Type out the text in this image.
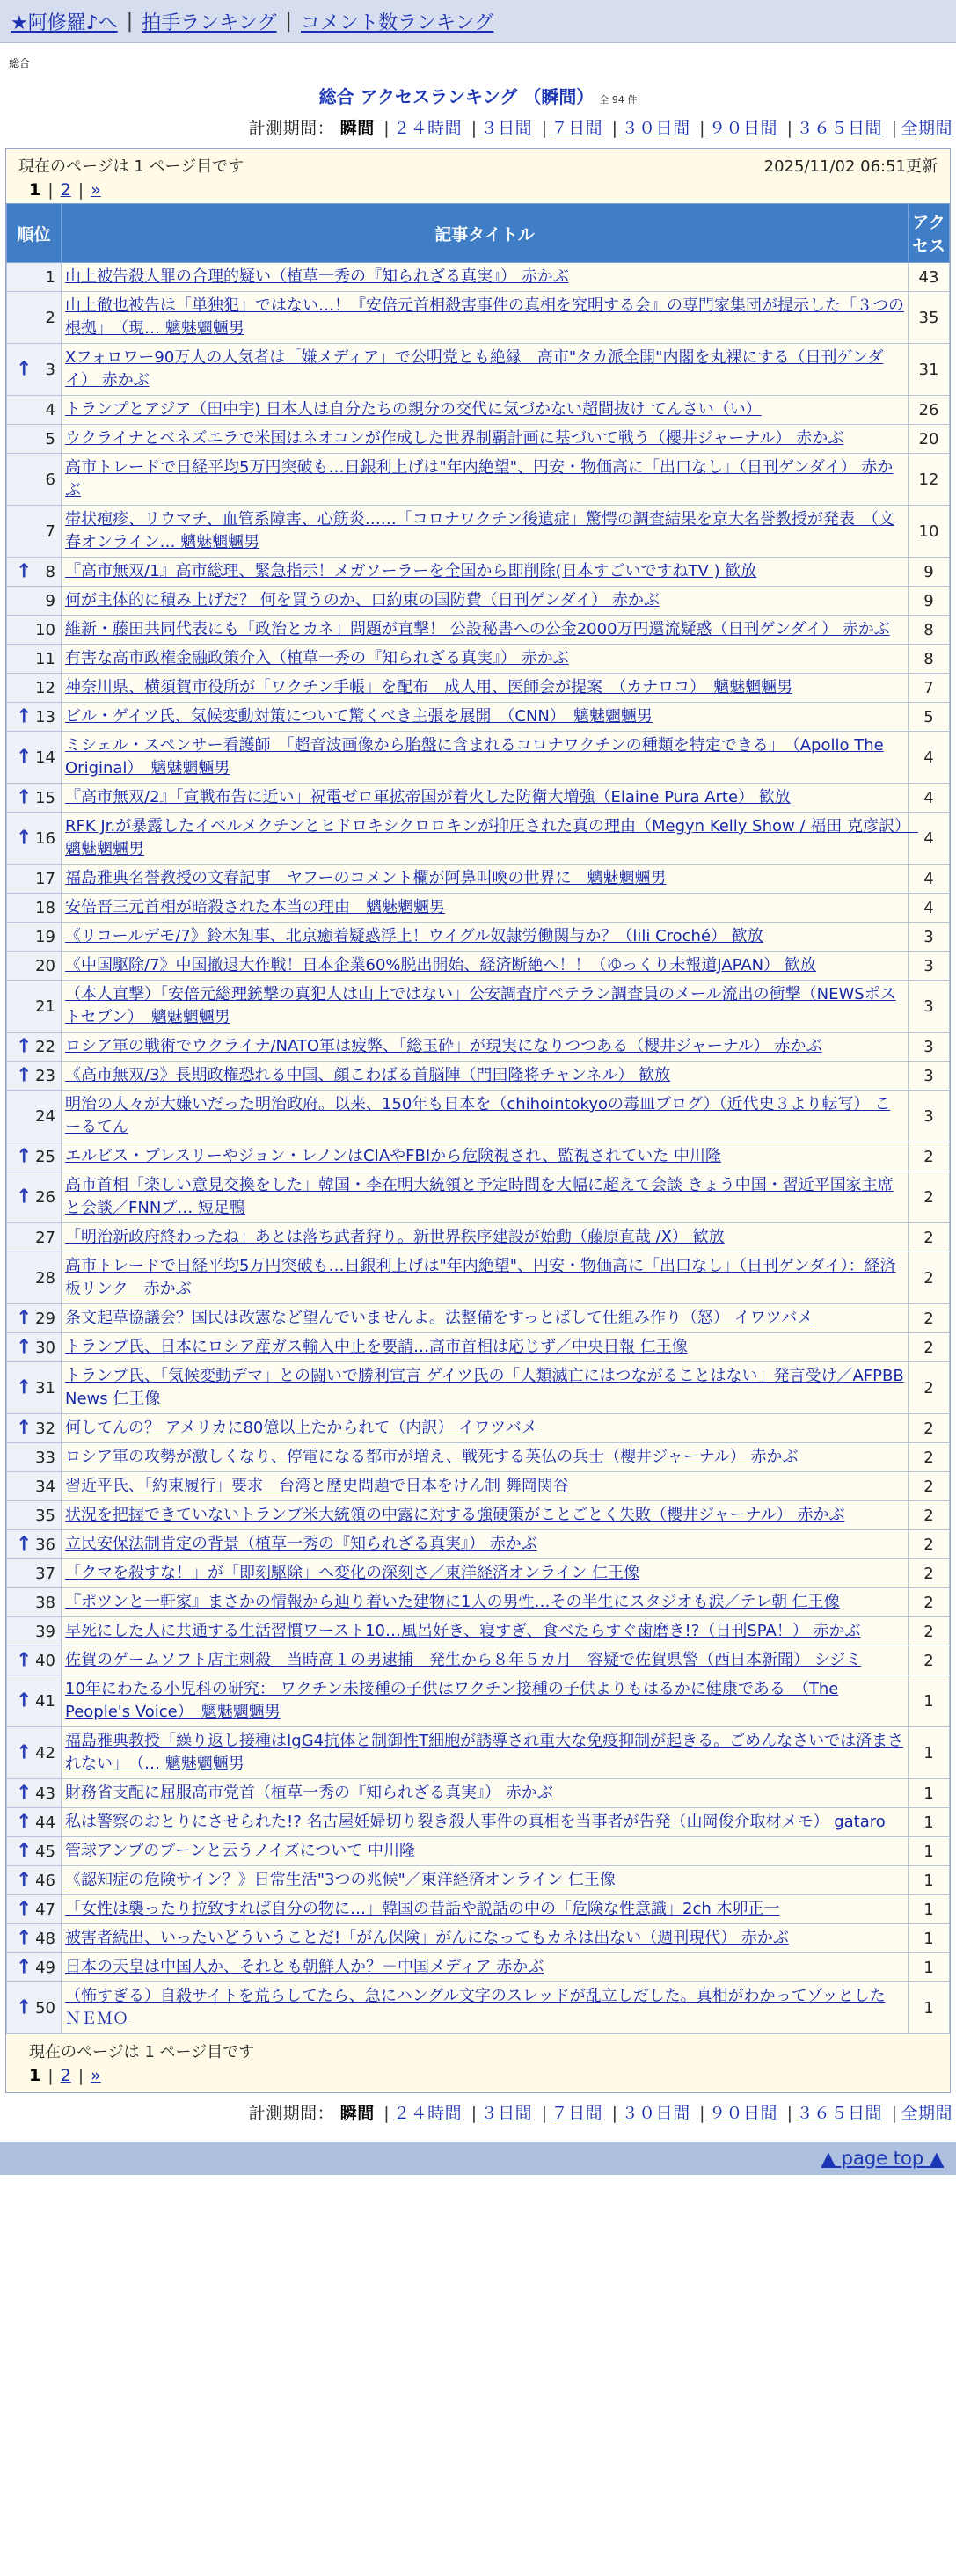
★阿修羅♪へ | 拍手ランキング | コメント数ランキング
総合
総合 アクセスランキング （瞬間） 全 94 件
計測期間： 瞬間 | ２４時間 | ３日間 | ７日間 | ３０日間 | ９０日間 | ３６５日間 | 全期間
現在のページは 1 ページ目です	2025/11/02 06:51更新
1 | 2 | »
順位	記事タイトル	アクセス
1	山上被告殺人罪の合理的疑い（植草一秀の『知られざる真実』） 赤かぶ	43
2	山上徹也被告は「単独犯」ではない…！『安倍元首相殺害事件の真相を究明する会』の専門家集団が提示した「３つの根拠」　（現… 魑魅魍魎男	35

↑ 3	Xフォロワー90万人の人気者は「嫌メディア」で公明党とも絶縁　高市"タカ派全開"内閣を丸裸にする（日刊ゲンダイ） 赤かぶ	31
4	トランプとアジア（田中宇) 日本人は自分たちの親分の交代に気づかない超間抜け てんさい（い）	26
5	ウクライナとベネズエラで米国はネオコンが作成した世界制覇計画に基づいて戦う（櫻井ジャーナル） 赤かぶ	20
6	高市トレードで日経平均5万円突破も…日銀利上げは"年内絶望"、円安・物価高に「出口なし」（日刊ゲンダイ） 赤かぶ	12
7	帯状疱疹、リウマチ、血管系障害、心筋炎……「コロナワクチン後遺症」驚愕の調査結果を京大名誉教授が発表　（文春オンライン… 魑魅魍魎男	10

↑ 8	『高市無双/1』高市総理、緊急指示！メガソーラーを全国から即削除(日本すごいですねTV ) 歓放	9
9	何が主体的に積み上げだ？ 何を買うのか、口約束の国防費（日刊ゲンダイ） 赤かぶ	9
10	維新・藤田共同代表にも「政治とカネ」問題が直撃！ 公設秘書への公金2000万円還流疑惑（日刊ゲンダイ） 赤かぶ	8
11	有害な高市政権金融政策介入（植草一秀の『知られざる真実』） 赤かぶ	8
12	神奈川県、横須賀市役所が「ワクチン手帳」を配布　成人用、医師会が提案　（カナロコ）　魑魅魍魎男	7

↑ 13	ビル・ゲイツ氏、気候変動対策について驚くべき主張を展開　（CNN）　魑魅魍魎男	5

↑ 14	ミシェル・スペンサー看護師　「超音波画像から胎盤に含まれるコロナワクチンの種類を特定できる」　（Apollo The Original）　魑魅魍魎男	4

↑ 15	『高市無双/2』「宣戦布告に近い」祝電ゼロ軍拡帝国が着火した防衛大増強（Elaine Pura Arte） 歓放	4

↑ 16	RFK Jr.が暴露したイベルメクチンとヒドロキシクロロキンが抑圧された真の理由（Megyn Kelly Show / 福田 克彦訳）　魑魅魍魎男	4
17	福島雅典名誉教授の文春記事　ヤフーのコメント欄が阿鼻叫喚の世界に　魑魅魍魎男	4
18	安倍晋三元首相が暗殺された本当の理由　魑魅魍魎男	4
19	《リコールデモ/7》鈴木知事、北京癒着疑惑浮上！ウイグル奴隷労働関与か？（lili Croché） 歓放	3
20	《中国駆除/7》中国撤退大作戦！日本企業60%脱出開始、経済断絶へ！！（ゆっくり未報道JAPAN） 歓放	3
21	（本人直撃）「安倍元総理銃撃の真犯人は山上ではない」公安調査庁ベテラン調査員のメール流出の衝撃（NEWSポストセブン）　魑魅魍魎男	3

↑ 22	ロシア軍の戦術でウクライナ/NATO軍は疲弊、「総玉砕」が現実になりつつある（櫻井ジャーナル） 赤かぶ	3

↑ 23	《高市無双/3》長期政権恐れる中国、顔こわばる首脳陣（門田隆将チャンネル） 歓放	3
24	明治の人々が大嫌いだった明治政府。以来、150年も日本を（chihointokyoの毒皿ブログ）（近代史３より転写） こーるてん	3

↑ 25	エルビス・プレスリーやジョン・レノンはCIAやFBIから危険視され、監視されていた 中川隆	2

↑ 26	高市首相「楽しい意見交換をした」韓国・李在明大統領と予定時間を大幅に超えて会談 きょう中国・習近平国家主席と会談／FNNプ… 短足鴨	2
27	「明治新政府終わったね」あとは落ち武者狩り。新世界秩序建設が始動（藤原直哉 /X） 歓放	2
28	高市トレードで日経平均5万円突破も…日銀利上げは"年内絶望"、円安・物価高に「出口なし」（日刊ゲンダイ）：経済板リンク　赤かぶ	2

↑ 29	条文起草協議会？国民は改憲など望んでいませんよ。法整備をすっとばして仕組み作り（怒） イワツバメ	2

↑ 30	トランプ氏、日本にロシア産ガス輸入中止を要請…高市首相は応じず／中央日報 仁王像	2

↑ 31	トランプ氏、「気候変動デマ」との闘いで勝利宣言 ゲイツ氏の「人類滅亡にはつながることはない」発言受け／AFPBB News 仁王像	2

↑ 32	何してんの？ アメリカに80億以上たかられて（内訳） イワツバメ	2
33	ロシア軍の攻勢が激しくなり、停電になる都市が増え、戦死する英仏の兵士（櫻井ジャーナル） 赤かぶ	2
34	習近平氏、「約束履行」要求　台湾と歴史問題で日本をけん制 舞岡関谷	2
35	状況を把握できていないトランプ米大統領の中露に対する強硬策がことごとく失敗（櫻井ジャーナル） 赤かぶ	2

↑ 36	立民安保法制肯定の背景（植草一秀の『知られざる真実』） 赤かぶ	2
37	「クマを殺すな！」が「即刻駆除」へ変化の深刻さ／東洋経済オンライン 仁王像	2
38	『ポツンと一軒家』まさかの情報から辿り着いた建物に1人の男性…その半生にスタジオも涙／テレ朝 仁王像	2
39	早死にした人に共通する生活習慣ワースト10…風呂好き、寝すぎ、食べたらすぐ歯磨き!?（日刊SPA！） 赤かぶ	2

↑ 40	佐賀のゲームソフト店主刺殺　当時高１の男逮捕　発生から８年５カ月　容疑で佐賀県警（西日本新聞） シジミ	2

↑ 41	10年にわたる小児科の研究： ワクチン未接種の子供はワクチン接種の子供よりもはるかに健康である　（The People's Voice）　魑魅魍魎男	1

↑ 42	福島雅典教授「繰り返し接種はIgG4抗体と制御性T細胞が誘導され重大な免疫抑制が起きる。ごめんなさいでは済まされない」　（… 魑魅魍魎男	1

↑ 43	財務省支配に屈服高市党首（植草一秀の『知られざる真実』） 赤かぶ	1

↑ 44	私は警察のおとりにさせられた!? 名古屋妊婦切り裂き殺人事件の真相を当事者が告発（山岡俊介取材メモ） gataro	1

↑ 45	管球アンプのブーンと云うノイズについて 中川隆	1

↑ 46	《認知症の危険サイン？》日常生活"3つの兆候"／東洋経済オンライン 仁王像	1

↑ 47	「女性は襲ったり拉致すれば自分の物に…」韓国の昔話や説話の中の「危険な性意識」2ch 木卯正一	1

↑ 48	被害者続出、いったいどういうことだ!「がん保険」がんになってもカネは出ない（週刊現代） 赤かぶ	1

↑ 49	日本の天皇は中国人か、それとも朝鮮人か？－中国メディア 赤かぶ	1

↑ 50	（怖すぎる）自殺サイトを荒らしてたら、急にハングル文字のスレッドが乱立しだした。真相がわかってゾッとした ＮＥＭＯ	1
現在のページは 1 ページ目です
1 | 2 | »
計測期間： 瞬間 | ２４時間 | ３日間 | ７日間 | ３０日間 | ９０日間 | ３６５日間 | 全期間
▲ page top ▲
